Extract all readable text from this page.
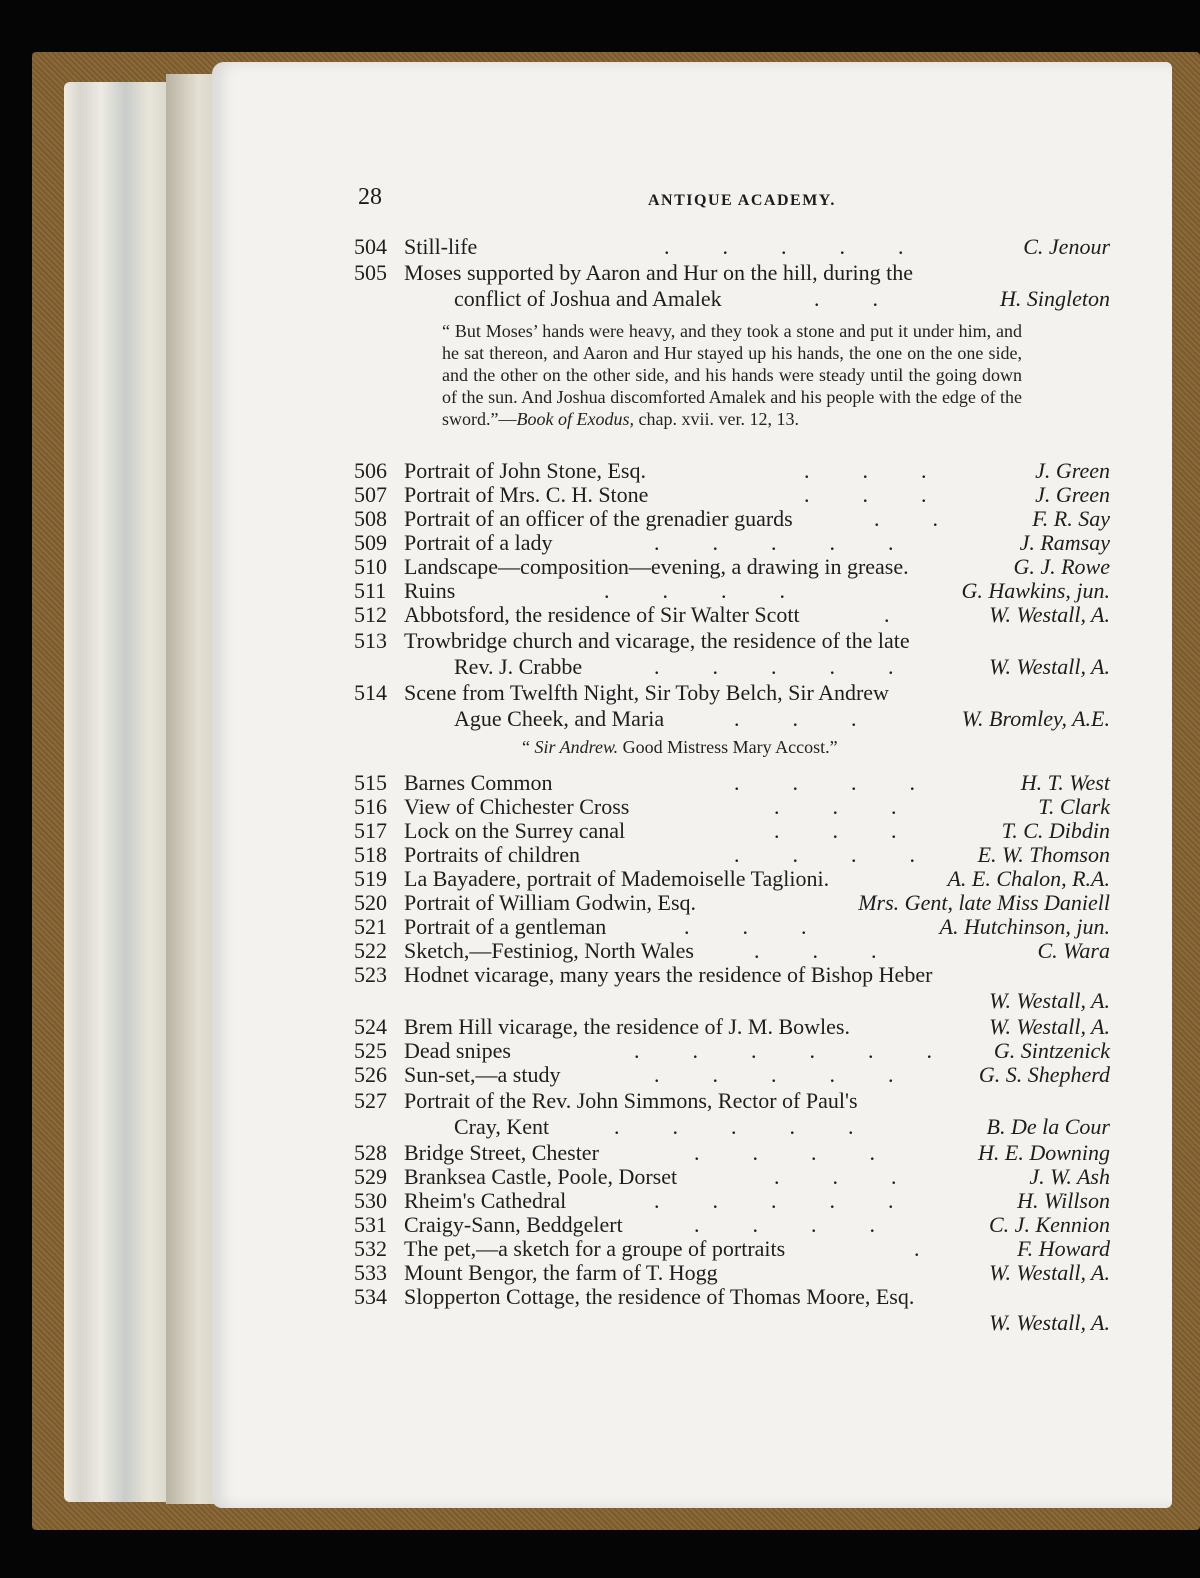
28	ANTIQUE ACADEMY.
504 Still-life	.        .        .        .        .	C. Jenour
505 Moses supported by Aaron and Hur on the hill, during the
conflict of Joshua and Amalek	.        .	H. Singleton
“ But Moses’ hands were heavy, and they took a stone and put it under him, and he sat thereon, and Aaron and Hur stayed up his hands, the one on the one side, and the other on the other side, and his hands were steady until the going down of the sun. And Joshua discomforted Amalek and his people with the edge of the sword.”—Book of Exodus, chap. xvii. ver. 12, 13.
506 Portrait of John Stone, Esq.	.        .        .	J. Green
507 Portrait of Mrs. C. H. Stone	.        .        .	J. Green
508 Portrait of an officer of the grenadier guards	.        .	F. R. Say
509 Portrait of a lady	.        .        .        .        .	J. Ramsay
510 Landscape—composition—evening, a drawing in grease.	G. J. Rowe
511 Ruins	.        .        .        .	G. Hawkins, jun.
512 Abbotsford, the residence of Sir Walter Scott	.	W. Westall, A.
513 Trowbridge church and vicarage, the residence of the late
Rev. J. Crabbe	.        .        .        .        .	W. Westall, A.
514 Scene from Twelfth Night, Sir Toby Belch, Sir Andrew
Ague Cheek, and Maria	.        .        .	W. Bromley, A.E.
“ Sir Andrew. Good Mistress Mary Accost.”
515 Barnes Common	.        .        .        .	H. T. West
516 View of Chichester Cross	.        .        .	T. Clark
517 Lock on the Surrey canal	.        .        .	T. C. Dibdin
518 Portraits of children	.        .        .        .	E. W. Thomson
519 La Bayadere, portrait of Mademoiselle Taglioni.	A. E. Chalon, R.A.
520 Portrait of William Godwin, Esq.	Mrs. Gent, late Miss Daniell
521 Portrait of a gentleman	.        .        .	A. Hutchinson, jun.
522 Sketch,—Festiniog, North Wales	.        .        .	C. Wara
523 Hodnet vicarage, many years the residence of Bishop Heber
W. Westall, A.
524 Brem Hill vicarage, the residence of J. M. Bowles.	W. Westall, A.
525 Dead snipes	.        .        .        .        .        .	G. Sintzenick
526 Sun-set,—a study	.        .        .        .        .	G. S. Shepherd
527 Portrait of the Rev. John Simmons, Rector of Paul's
Cray, Kent	.        .        .        .        .	B. De la Cour
528 Bridge Street, Chester	.        .        .        .	H. E. Downing
529 Branksea Castle, Poole, Dorset	.        .        .	J. W. Ash
530 Rheim's Cathedral	.        .        .        .        .	H. Willson
531 Craigy-Sann, Beddgelert	.        .        .        .	C. J. Kennion
532 The pet,—a sketch for a groupe of portraits	.	F. Howard
533 Mount Bengor, the farm of T. Hogg	W. Westall, A.
534 Slopperton Cottage, the residence of Thomas Moore, Esq.
W. Westall, A.
